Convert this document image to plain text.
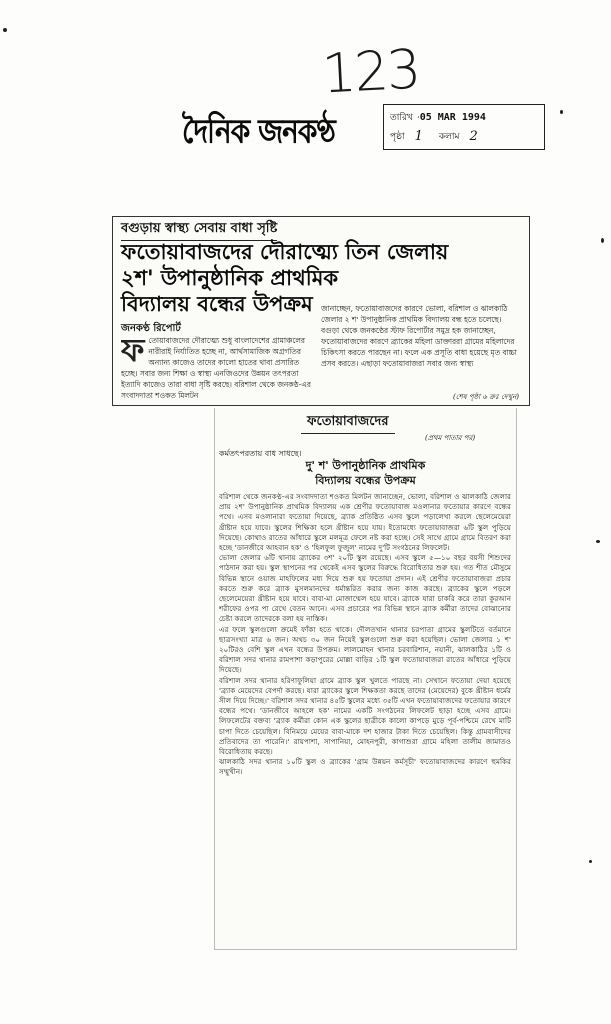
123
দৈনিক জনকণ্ঠ	তারিখ · 05 MAR 1994
পৃষ্ঠা 1 কলাম 2
বগুড়ায় স্বাস্থ্য সেবায় বাধা সৃষ্টি
ফতোয়াবাজদের দৌরাত্ম্যে তিন জেলায়
২শ' উপানুষ্ঠানিক প্রাথমিক
বিদ্যালয় বন্ধের উপক্রম
জনকণ্ঠ রিপোর্ট
ফ তোয়াবাজদের দৌরাত্ম্যে শুধু বাংলাদেশের গ্রামাঞ্চলের নারীরাই নির্যাতিত হচ্ছে না, আর্থসামাজিক অগ্রগতির অন্যান্য কাজেও তাদের কালো হাতের থাবা প্রসারিত হচ্ছে। সবার জন্য শিক্ষা ও স্বাস্থ্য এনজিওদের উন্নয়ন তৎপরতা ইত্যাদি কাজেও তারা বাধা সৃষ্টি করছে। বরিশাল থেকে জনকণ্ঠ-এর সংবাদদাতা শওকত মিলটন
জানাচ্ছেন, ফতোয়াবাজদের কারণে ভোলা, বরিশাল ও ঝালকাঠি জেলার ২ শ' উপানুষ্ঠানিক প্রাথমিক বিদ্যালয় বন্ধ হতে চলেছে। বগুড়া থেকে জনকণ্ঠের স্টাফ রিপোর্টার সমুদ্র হক জানাচ্ছেন, ফতোয়াবাজদের কারণে ব্র্যাকের মহিলা ডাক্তাররা গ্রামের মহিলাদের চিকিৎসা করতে পারছেন না। ফলে এক প্রসূতি বাধা হয়েছে মৃত বাচ্চা প্রসব করতে। এছাড়া ফতোয়াবাজরা সবার জন্য স্বাস্থ্য
(শেষ পৃষ্ঠা ৬ ক্রঃ দেখুন)
ফতোয়াবাজদের
(প্রথম পাতার পর)
কর্মতৎপরতায় বাধ সাধছে।
দু' শ' উপানুষ্ঠানিক প্রাথমিক
বিদ্যালয় বন্ধের উপক্রম

বরিশাল থেকে জনকণ্ঠ-এর সংবাদদাতা শওকত মিলটন জানাচ্ছেন, ভোলা, বরিশাল ও ঝালকাঠি জেলার প্রায় ২শ' উপানুষ্ঠানিক প্রাথমিক বিদ্যালয় এক শ্রেণীর ফতোয়াবাজ মওলানার ফতোয়ার কারণে বন্ধের পথে। এসব মওলানারা ফতোয়া দিয়েছে, ব্র্যাক প্রতিষ্ঠিত এসব স্কুলে পড়ালেখা করলে ছেলেমেয়েরা খ্রীষ্টান হয়ে যাবে। স্কুলের শিক্ষিকা হলে খ্রীষ্টান হয়ে যায়। ইতোমধ্যে ফতোয়াবাজরা ৬টি স্কুল পুড়িয়ে দিয়েছে। কোথাও রাতের আঁধারে স্কুলে মলমূত্র ফেলে নষ্ট করা হচ্ছে। সেই সাথে গ্রামে গ্রামে বিতরণ করা হচ্ছে 'ডানজীবে আহবান হক' ও 'হিলফুল ফুজুল' নামের দু'টি সংগঠনের লিফলেট।

ভোলা জেলার ৬টি থানায় ব্র্যাকের ৩শ' ২০টি স্কুল রয়েছে। এসব স্কুলে ৫—১০ বছর বয়সী শিশুদের পাঠদান করা হয়। স্কুল স্থাপনের পর থেকেই এসব স্কুলের বিরুদ্ধে বিরোধিতার শুরু হয়। গত শীত মৌসুমে বিভিন্ন স্থানে ওয়াজ মাহফিলের মধ্য দিয়ে শুরু হয় ফতোয়া প্রদান। এই শ্রেণীর ফতোয়াবাজরা প্রচার করতে শুরু করে ব্র্যাক মুসলমানদের ধর্মান্তরিত করার জন্য কাজ করছে। ব্র্যাকের স্কুলে পড়লে ছেলেমেয়েরা খ্রীষ্টান হয়ে যাবে। বাবা-মা মোজাম্মেল হয়ে যাবে। ব্র্যাকে যারা চাকরি করে তারা কুরআন শরীফের ওপর পা রেখে বেতন আনে। এসব প্রচারের পর বিভিন্ন স্থানে ব্র্যাক কর্মীরা তাদের বোঝানোর চেষ্টা করলে তাদেরকে বলা হয় নাস্তিক।

এর ফলে স্কুলগুলো ক্রমেই ফাঁকা হতে থাকে। দৌলতখান থানার চরপাতা গ্রামের স্কুলটিতে বর্তমানে ছাত্রসংখ্যা মাত্র ৬ জন। অথচ ৩০ জন নিয়েই স্কুলগুলো শুরু করা হয়েছিল। ভোলা জেলার ১ শ' ২০টিরও বেশি স্কুল এখন বন্ধের উপক্রম। লালমোহন থানার চরবারিশান, নয়ানী, ঝালকাঠির ১টি ও বরিশাল সদর থানার রামপাশা কড়াপুরের মোল্লা বাড়ির ১টি স্কুল ফতোয়াবাজরা রাতের আঁধারে পুড়িয়ে দিয়েছে।

বরিশাল সদর থানার হরিণাফুলিয়া গ্রামে ব্র্যাক স্কুল খুলতে পারছে না। সেখানে ফতোয়া দেয়া হয়েছে 'ব্র্যাক মেয়েদের বেপর্দা করছে। যারা ব্র্যাকের স্কুলে শিক্ষকতা করছে তাদের (মেয়েদের) বুকে খ্রীষ্টান ধর্মের সীল দিয়ে দিচ্ছে।' বরিশাল সদর থানার ৪৫টি স্কুলের মধ্যে ৩৫টি এখন ফতোয়াবাজদের ফতোয়ার কারণে বন্ধের পথে। 'ডানজীবে আহলে হক' নামের একটি সংগঠনের লিফলেট ছাড়া হচ্ছে এসব গ্রামে। লিফলেটের বক্তব্য 'ব্র্যাক কর্মীরা কোন এক স্কুলের ছাত্রীকে কালো কাপড়ে মুড়ে পূর্ব-পশ্চিমে রেখে মাটি চাপা দিতে চেয়েছিল। বিনিময়ে মেয়ের বাবা-মাকে দশ হাজার টাকা দিতে চেয়েছিল। কিন্তু গ্রামবাসীদের প্রতিবাদের তা পারেনি।' রায়পাশা, সাপানিয়া, মোহনপুরী, কাগাশুরা গ্রামে মহিলা তালীম জামাতও বিরোধিতায় করছে।

ঝালকাঠি সদর থানার ১০টি স্কুল ও ব্র্যাকের 'গ্রাম উন্নয়ন কর্মসূচী' ফতোয়াবাজদের কারণে হুমকির সম্মুখীন।
